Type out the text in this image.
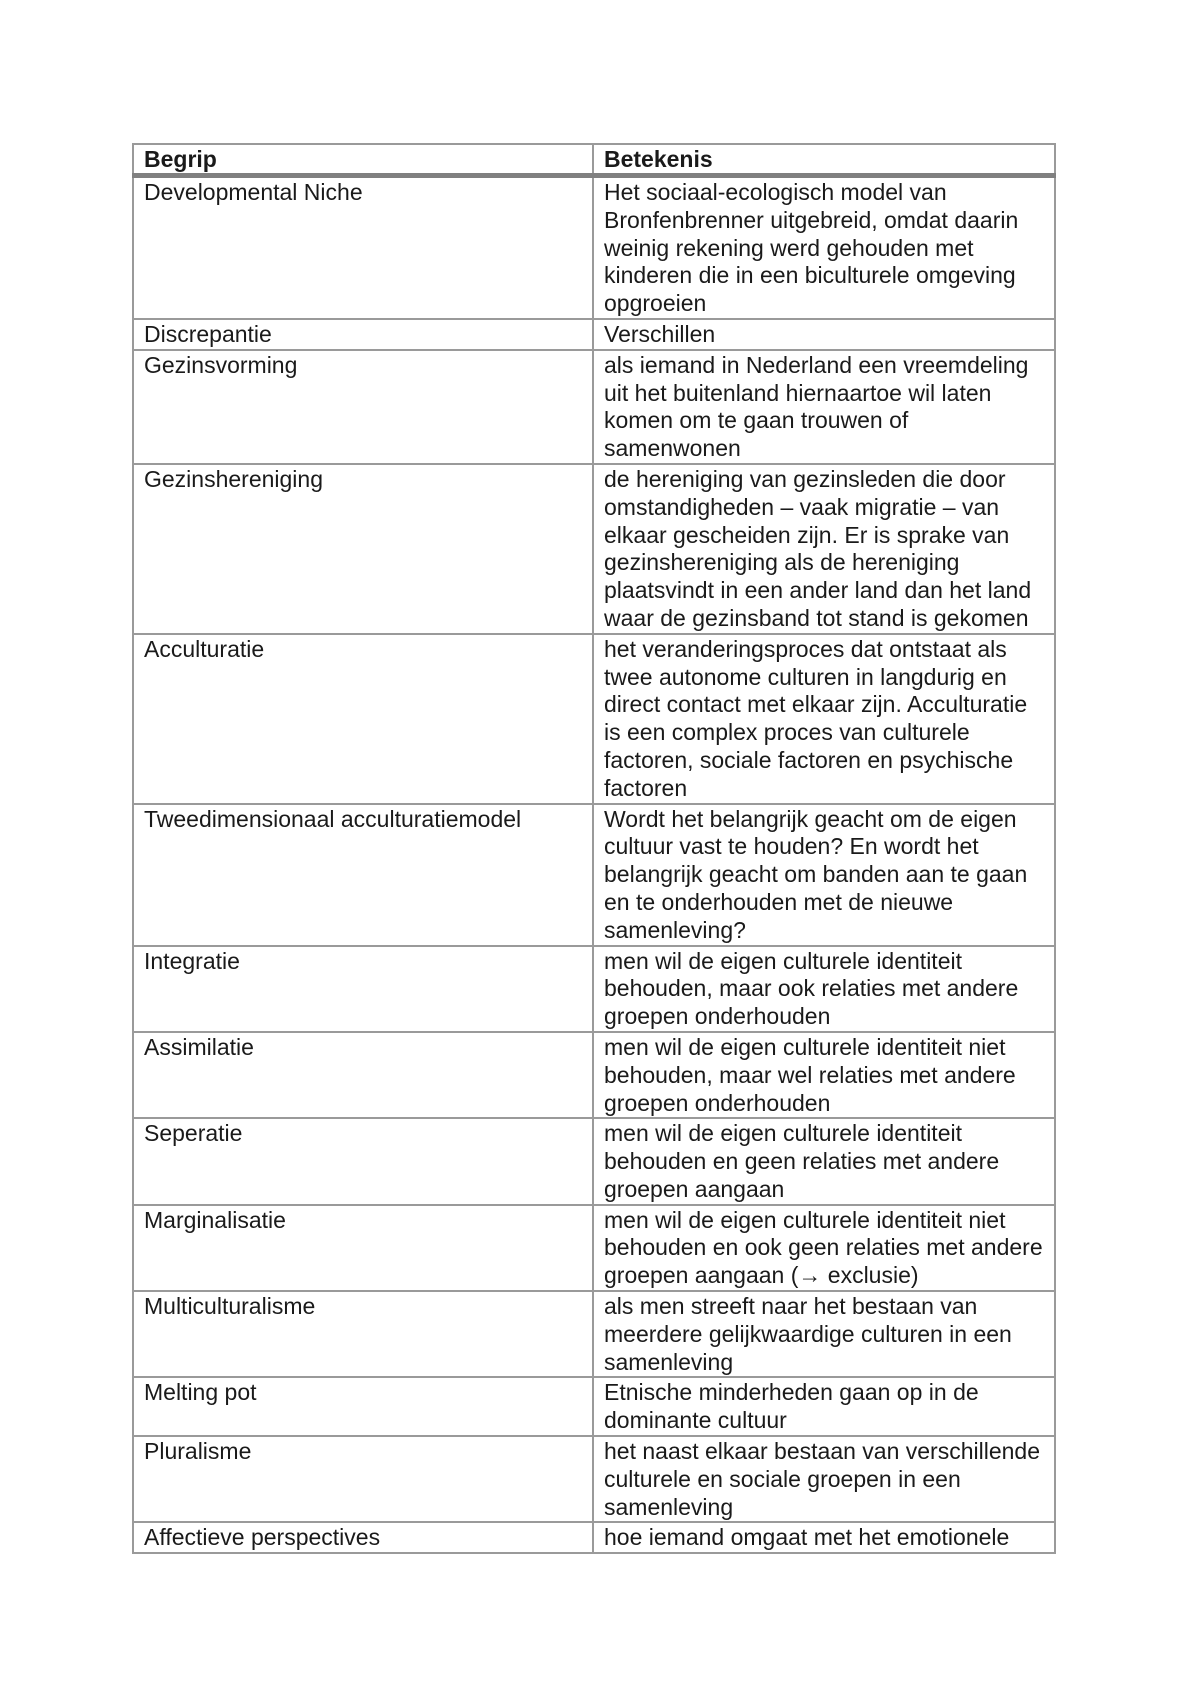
Begrip	Betekenis
Developmental Niche	Het sociaal-ecologisch model van Bronfenbrenner uitgebreid, omdat daarin weinig rekening werd gehouden met kinderen die in een biculturele omgeving opgroeien
Discrepantie	Verschillen
Gezinsvorming	als iemand in Nederland een vreemdeling uit het buitenland hiernaartoe wil laten komen om te gaan trouwen of samenwonen
Gezinshereniging	de hereniging van gezinsleden die door omstandigheden – vaak migratie – van elkaar gescheiden zijn. Er is sprake van gezinshereniging als de hereniging plaatsvindt in een ander land dan het land waar de gezinsband tot stand is gekomen
Acculturatie	het veranderingsproces dat ontstaat als twee autonome culturen in langdurig en direct contact met elkaar zijn. Acculturatie is een complex proces van culturele factoren, sociale factoren en psychische factoren
Tweedimensionaal acculturatiemodel	Wordt het belangrijk geacht om de eigen cultuur vast te houden? En wordt het belangrijk geacht om banden aan te gaan en te onderhouden met de nieuwe samenleving?
Integratie	men wil de eigen culturele identiteit behouden, maar ook relaties met andere groepen onderhouden
Assimilatie	men wil de eigen culturele identiteit niet behouden, maar wel relaties met andere groepen onderhouden
Seperatie	men wil de eigen culturele identiteit behouden en geen relaties met andere groepen aangaan
Marginalisatie	men wil de eigen culturele identiteit niet behouden en ook geen relaties met andere groepen aangaan (→ exclusie)
Multiculturalisme	als men streeft naar het bestaan van meerdere gelijkwaardige culturen in een samenleving
Melting pot	Etnische minderheden gaan op in de dominante cultuur
Pluralisme	het naast elkaar bestaan van verschillende culturele en sociale groepen in een samenleving
Affectieve perspectives	hoe iemand omgaat met het emotionele
